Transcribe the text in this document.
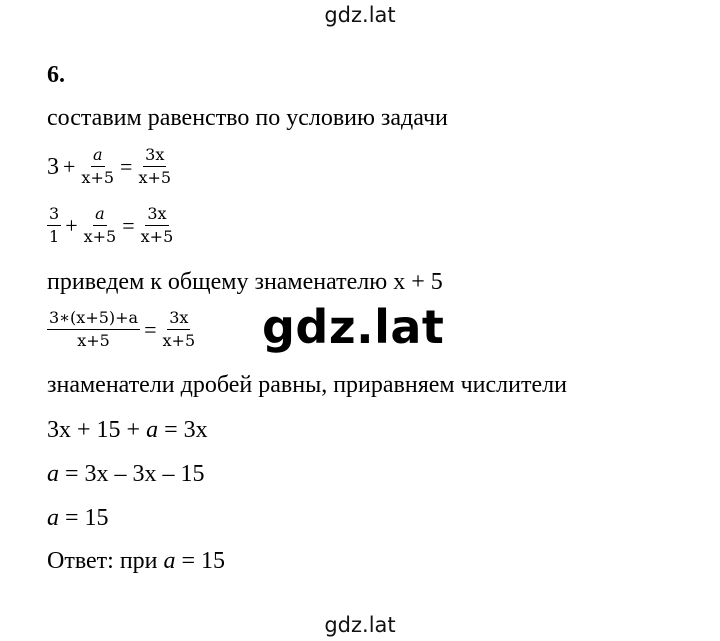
gdz.lat
6.
составим равенство по условию задачи
$3 + \frac{a}{x+5} = \frac{3x}{x+5}$
$\frac{3}{1} + \frac{a}{x+5} = \frac{3x}{x+5}$
приведем к общему знаменателю x + 5
$\frac{3∗(x+5)+a}{x+5} = \frac{3x}{x+5} gdz.lat$
знаменатели дробей равны, приравняем числители
3x + 15 + a = 3x
a = 3x – 3x – 15
a = 15
Ответ: при a = 15
gdz.lat
